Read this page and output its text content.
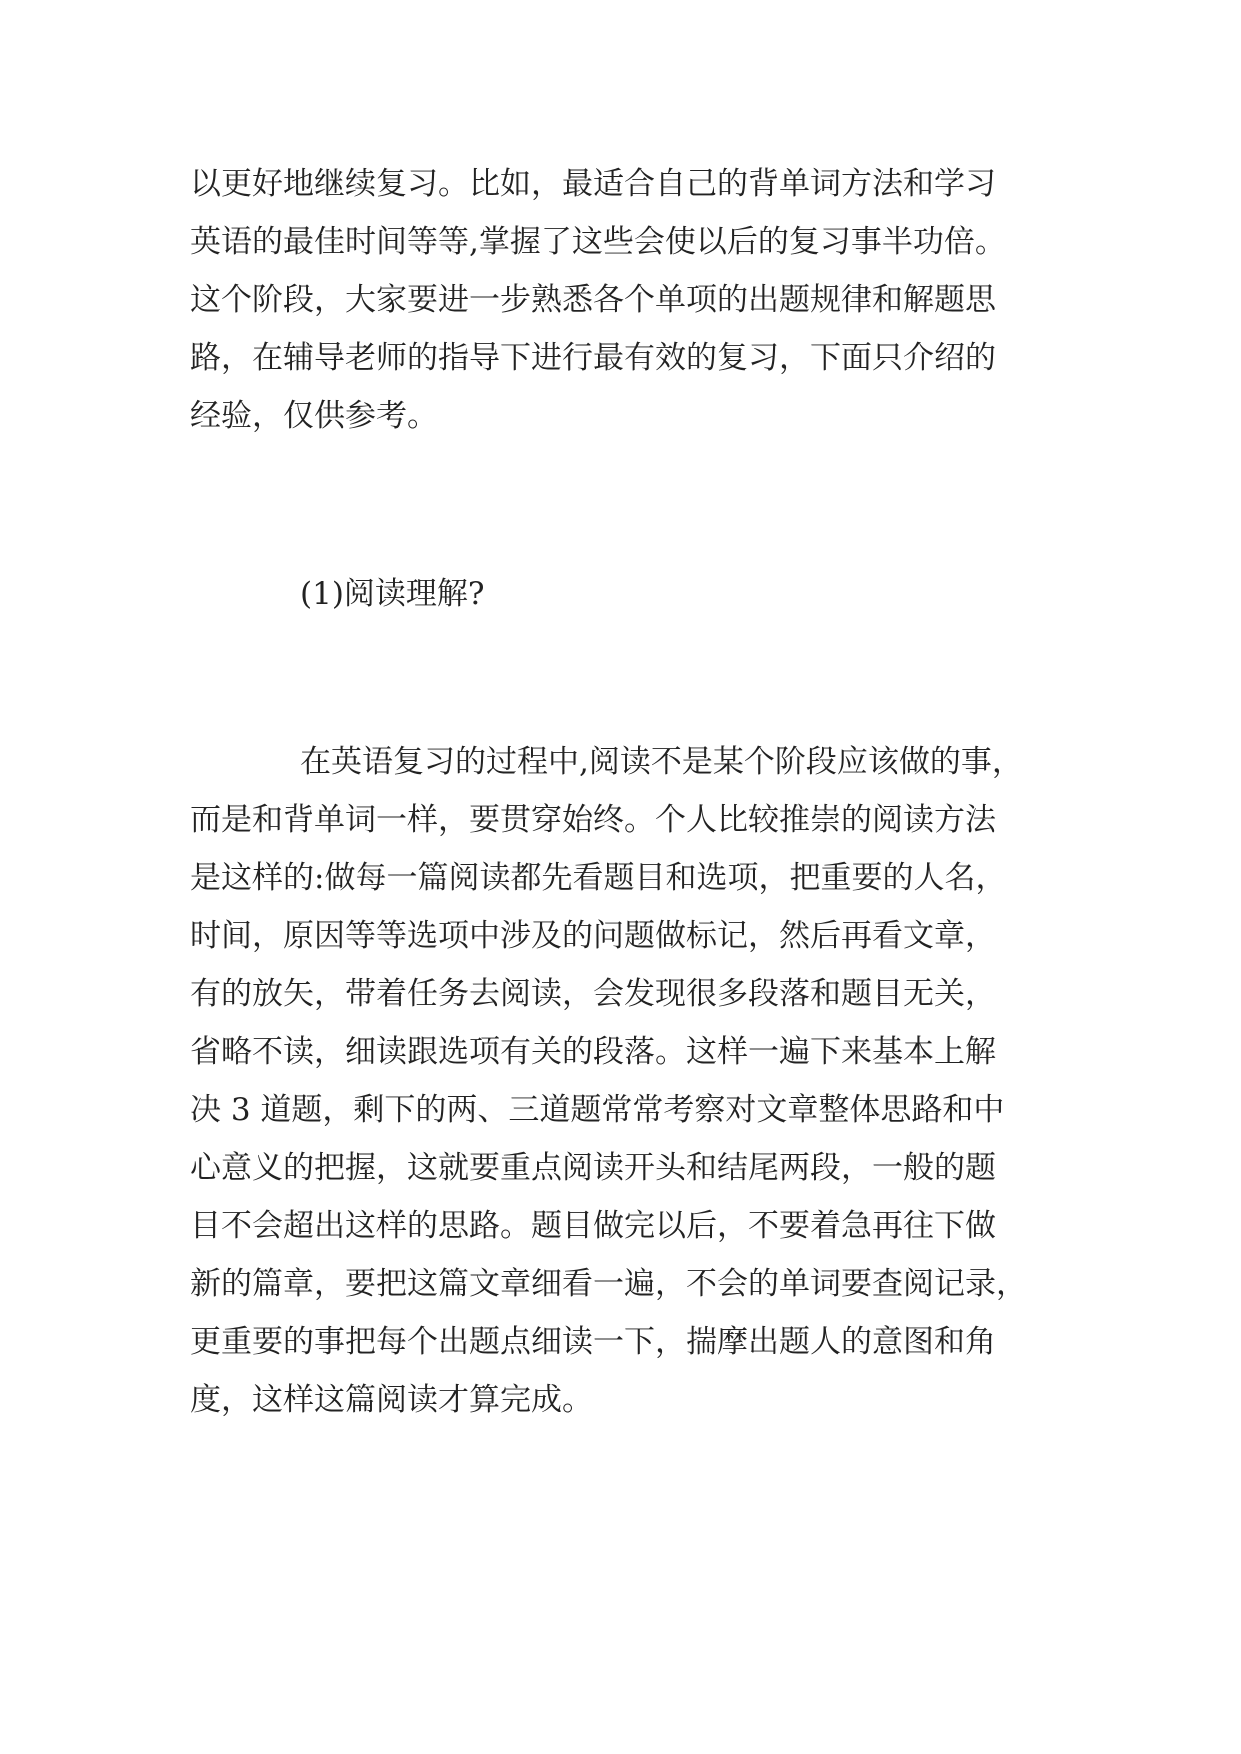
以更好地继续复习。比如，最适合自己的背单词方法和学习
英语的最佳时间等等,掌握了这些会使以后的复习事半功倍。
这个阶段，大家要进一步熟悉各个单项的出题规律和解题思
路，在辅导老师的指导下进行最有效的复习，下面只介绍的
经验，仅供参考。
(1)阅读理解?
在英语复习的过程中,阅读不是某个阶段应该做的事，
而是和背单词一样，要贯穿始终。个人比较推崇的阅读方法
是这样的:做每一篇阅读都先看题目和选项，把重要的人名，
时间，原因等等选项中涉及的问题做标记，然后再看文章，
有的放矢，带着任务去阅读，会发现很多段落和题目无关，
省略不读，细读跟选项有关的段落。这样一遍下来基本上解
决 3 道题，剩下的两、三道题常常考察对文章整体思路和中
心意义的把握，这就要重点阅读开头和结尾两段，一般的题
目不会超出这样的思路。题目做完以后，不要着急再往下做
新的篇章，要把这篇文章细看一遍，不会的单词要查阅记录，
更重要的事把每个出题点细读一下，揣摩出题人的意图和角
度，这样这篇阅读才算完成。
